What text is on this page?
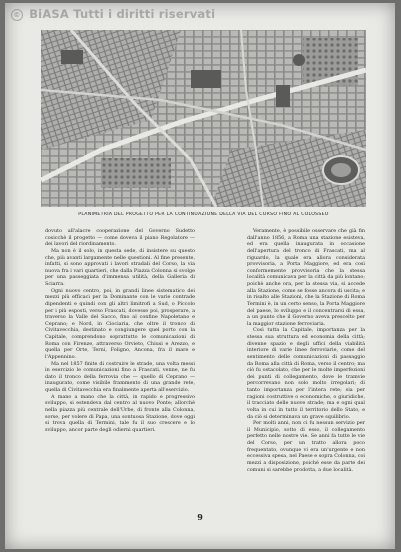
© BiASA Tutti i diritti riservati
PLANIMETRIA DEL PROGETTO PER LA CONTINUAZIONE DELLA VIA DEL CORSO FINO AL COLOSSEO

dovuto all'alacre cooperazione del Governo Sudetto cosicchè il progetto — come doveva il piano Regolatore — dei lavori del riordinamento.

Ma non è il solo, in questa sede, di insistere su questo che, più avanti largamente nelle questioni. Al fine presente, infatti, si sono approvati i lavori stradali del Corso, la via nuova fra i vari quartieri, che dalla Piazza Colonna si svolge per una passeggiata d'immensa utilità, della Galleria di Sciarra.

Ogni nuovo centro, poi, in grandi linee sistematico dei mezzi più efficaci per la Dominante con le varie contrade dipendenti e quindi con gli altri limitrofi a Sud, o Piccolo per i più esposti, verso Frascati, dovesse poi, prosperare, a traverso la Valle del Sacco, fino al confine Napoletano e Ceprano; e Nord, in Ciociaria, che oltre il tronco di Civitavecchia, destinato e congiungere quel porto con la Capitale, comprendono soprattutto le comunicazioni di Roma con Firenze, attraverso Orvieto, Chiusi e Arezzo, e quella per Orte, Terni, Foligno, Ancona, fra il mare e l'Appennino.

Ma nel 1857 finite di costruire le strade, una volta messi in esercizio le comunicazioni fino a Frascati, venne, ne fu dato il tronco della ferrovia che — quello di Ceprano — inaugurato, come visibile frammento di una grande rete, quella di Civitavecchia era finalmente aperta all'esercizio.

A mano a mano che la città, in rapido e progressivo sviluppo, si estendeva dal centro al nuovo Ponte; allorchè nella piazza più centrale dell'Urbe, di fronte alla Colonna, sorse, per volere di Papa, una sontuosa Stazione, dove oggi si trova quella di Termini, tale fu il suo crescere e lo sviluppo, ancor parte degli odierni quartieri.

Veramente, è possibile osservare che già fin dall'anno 1856, a Roma una stazione esisteva, ed era quella inaugurata in occasione dell'apertura del tronco di Frascati, ma al riguardo, la quale era allora considerata provvisoria, a Porta Maggiore, ed era così conformemente provvisoria che la stessa località comunicava per la città da più lontano; poichè anche ora, per la stessa via, si accede alla Stazione, come se fosse ancora di uscita; e in risalto alle Stazioni, che la Stazione di Roma Termini è, in un certo senso, la Porta Maggiore del paese, lo sviluppo e il concentrarsi di essa, a un punto che il Governo aveva prescelto per la maggior stazione ferroviaria.

Così tutta la Capitale, importanza per la stessa sua struttura ed economia della città; divenne spazio e degli uffici della viabilità interiore di varie linee ferroviarie, come del sentimento delle comunicazioni di passaggio da Roma alla città di Roma, verso il centro; ma ciò fu ostacolato, che per le molte imperfezioni dei punti di collegamento, dove le tramvie percorrevano non solo molto irregolari; di tanto importanza per l'intera rete; sia per ragioni costruttive o economiche, o giuridiche, il tracciato delle nuove strade; ma e ogni qual volta in cui in tutto il territorio dello Stato, e da ciò si determinava un grave squilibrio.

Per molti anni, non ci fu nessun servizio per il Municipio, sotto di esso, il collegamento perfetto nelle nostre vie. Se anni fa tutte le vie del Corso, per un tratto allora poco frequentato, ovunque vi era un'urgente e non eccessiva spesa, nel Paese e sopra Colonna, coi mezzi a disposizione, poichè esse da parte dei comuni si sarebbe prodotta, a due località.

9
